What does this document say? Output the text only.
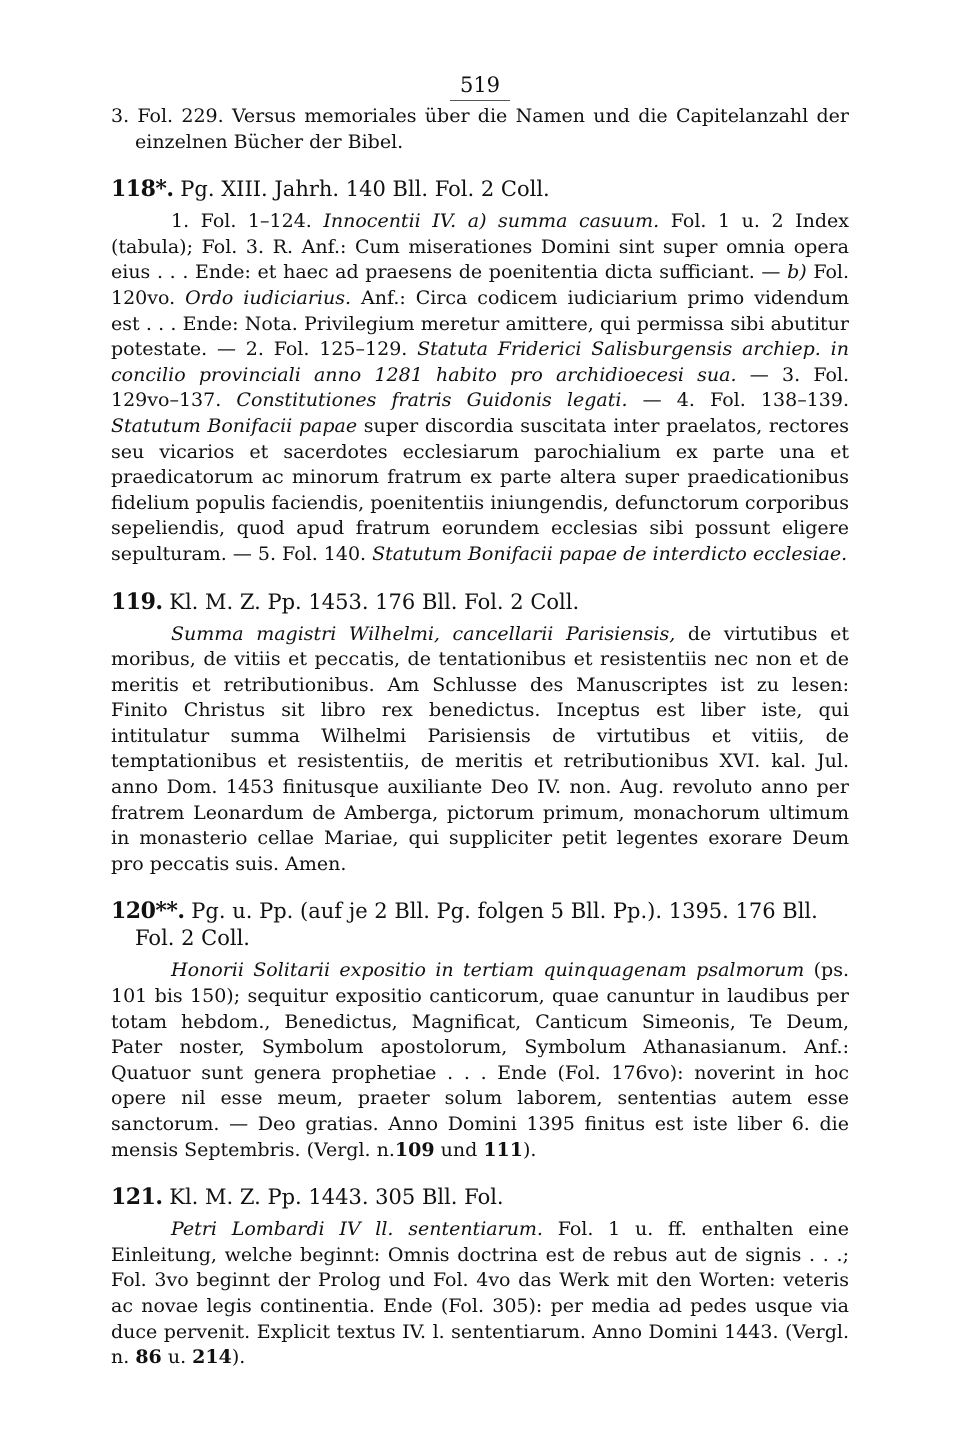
519

3. Fol. 229. Versus memoriales über die Namen und die Capitelanzahl der einzelnen Bücher der Bibel.

118*. Pg. XIII. Jahrh. 140 Bll. Fol. 2 Coll.

1. Fol. 1–124. Innocentii IV. a) summa casuum. Fol. 1 u. 2 Index (tabula); Fol. 3. R. Anf.: Cum miserationes Domini sint super omnia opera eius . . . Ende: et haec ad praesens de poenitentia dicta sufficiant. — b) Fol. 120vo. Ordo iudiciarius. Anf.: Circa codicem iudiciarium primo videndum est . . . Ende: Nota. Privilegium meretur amittere, qui permissa sibi abutitur potestate. — 2. Fol. 125–129. Statuta Friderici Salisburgensis archiep. in concilio provinciali anno 1281 habito pro archidioecesi sua. — 3. Fol. 129vo–137. Constitutiones fratris Guidonis legati. — 4. Fol. 138–139. Statutum Bonifacii papae super discordia suscitata inter praelatos, rectores seu vicarios et sacerdotes ecclesiarum parochialium ex parte una et praedicatorum ac minorum fratrum ex parte altera super praedicationibus fidelium populis faciendis, poenitentiis iniungendis, defunctorum corporibus sepeliendis, quod apud fratrum eorundem ecclesias sibi possunt eligere sepulturam. — 5. Fol. 140. Statutum Bonifacii papae de interdicto ecclesiae.

119. Kl. M. Z. Pp. 1453. 176 Bll. Fol. 2 Coll.

Summa magistri Wilhelmi, cancellarii Parisiensis, de virtutibus et moribus, de vitiis et peccatis, de tentationibus et resistentiis nec non et de meritis et retributionibus. Am Schlusse des Manuscriptes ist zu lesen: Finito Christus sit libro rex benedictus. Inceptus est liber iste, qui intitulatur summa Wilhelmi Parisiensis de virtutibus et vitiis, de temptationibus et resistentiis, de meritis et retributionibus XVI. kal. Jul. anno Dom. 1453 finitusque auxiliante Deo IV. non. Aug. revoluto anno per fratrem Leonardum de Amberga, pictorum primum, monachorum ultimum in monasterio cellae Mariae, qui suppliciter petit legentes exorare Deum pro peccatis suis. Amen.

120**. Pg. u. Pp. (auf je 2 Bll. Pg. folgen 5 Bll. Pp.). 1395. 176 Bll. Fol. 2 Coll.

Honorii Solitarii expositio in tertiam quinquagenam psalmorum (ps. 101 bis 150); sequitur expositio canticorum, quae canuntur in laudibus per totam hebdom., Benedictus, Magnificat, Canticum Simeonis, Te Deum, Pater noster, Symbolum apostolorum, Symbolum Athanasianum. Anf.: Quatuor sunt genera prophetiae . . . Ende (Fol. 176vo): noverint in hoc opere nil esse meum, praeter solum laborem, sententias autem esse sanctorum. — Deo gratias. Anno Domini 1395 finitus est iste liber 6. die mensis Septembris. (Vergl. n.109 und 111).

121. Kl. M. Z. Pp. 1443. 305 Bll. Fol.

Petri Lombardi IV ll. sententiarum. Fol. 1 u. ff. enthalten eine Einleitung, welche beginnt: Omnis doctrina est de rebus aut de signis . . .; Fol. 3vo beginnt der Prolog und Fol. 4vo das Werk mit den Worten: veteris ac novae legis continentia. Ende (Fol. 305): per media ad pedes usque via duce pervenit. Explicit textus IV. l. sententiarum. Anno Domini 1443. (Vergl. n. 86 u. 214).
